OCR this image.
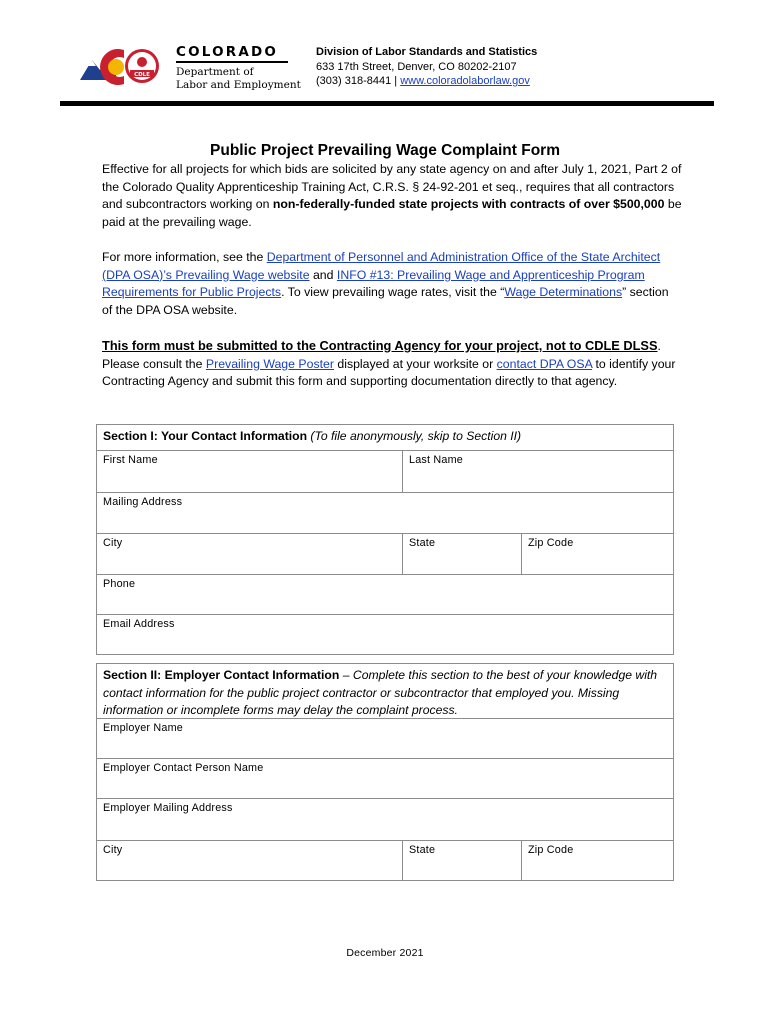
CDLE
COLORADO
Department of
Labor and Employment
Division of Labor Standards and Statistics
633 17th Street, Denver, CO 80202-2107
(303) 318-8441 | www.coloradolaborlaw.gov
Public Project Prevailing Wage Complaint Form
Effective for all projects for which bids are solicited by any state agency on and after July 1, 2021, Part 2 of the Colorado Quality Apprenticeship Training Act, C.R.S. § 24-92-201 et seq., requires that all contractors and subcontractors working on non-federally-funded state projects with contracts of over $500,000 be paid at the prevailing wage.
For more information, see the Department of Personnel and Administration Office of the State Architect (DPA OSA)’s Prevailing Wage website and INFO #13: Prevailing Wage and Apprenticeship Program Requirements for Public Projects. To view prevailing wage rates, visit the “Wage Determinations” section of the DPA OSA website.
This form must be submitted to the Contracting Agency for your project, not to CDLE DLSS. Please consult the Prevailing Wage Poster displayed at your worksite or contact DPA OSA to identify your Contracting Agency and submit this form and supporting documentation directly to that agency.
Section I: Your Contact Information (To file anonymously, skip to Section II)
First Name	Last Name
Mailing Address
City	State	Zip Code
Phone
Email Address
Section II: Employer Contact Information – Complete this section to the best of your knowledge with contact information for the public project contractor or subcontractor that employed you. Missing information or incomplete forms may delay the complaint process.
Employer Name
Employer Contact Person Name
Employer Mailing Address
City	State	Zip Code
December 2021
